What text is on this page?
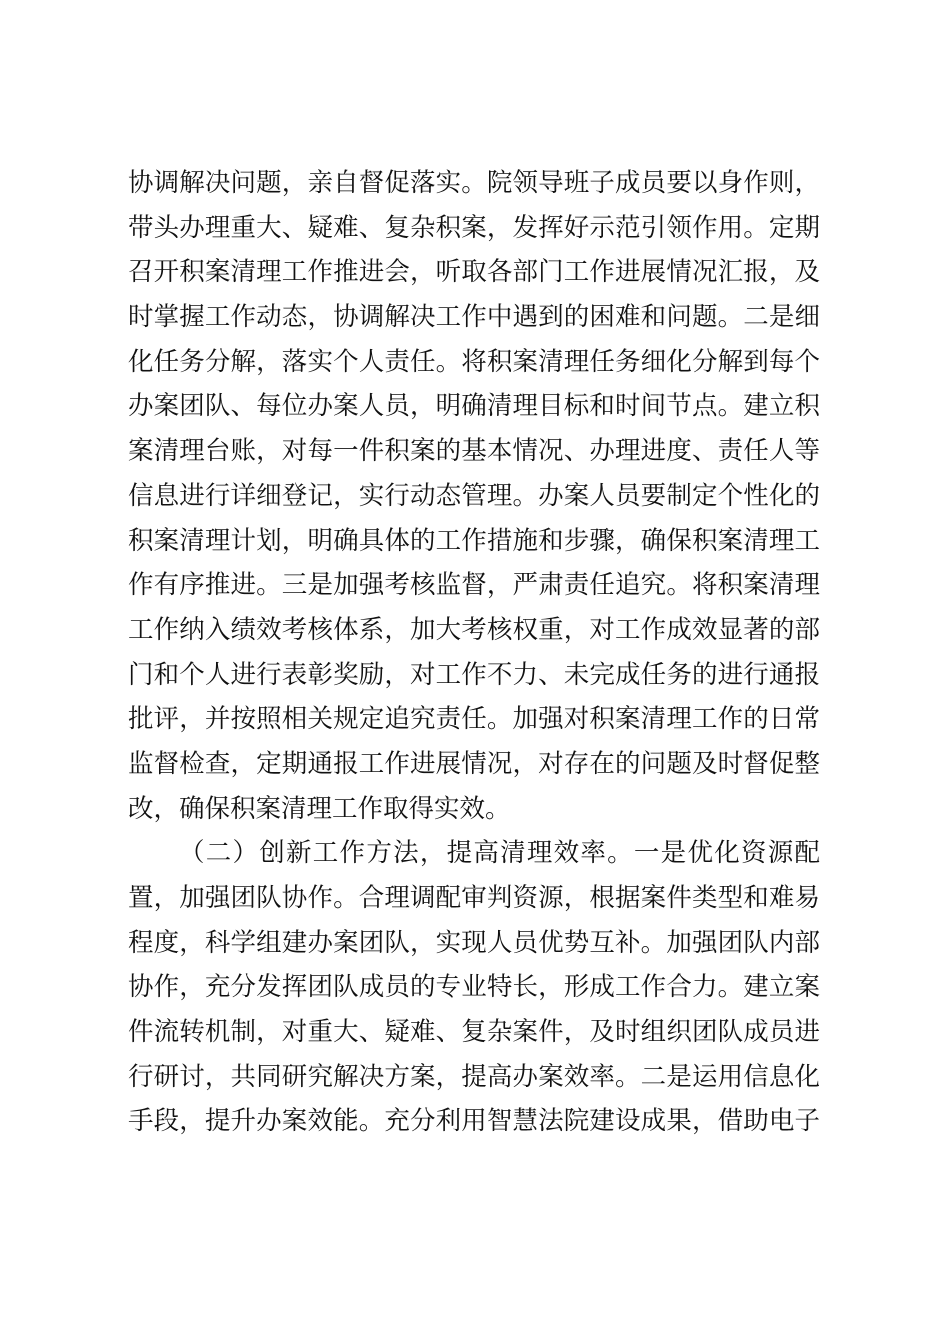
协调解决问题，亲自督促落实。院领导班子成员要以身作则，
带头办理重大、疑难、复杂积案，发挥好示范引领作用。定期
召开积案清理工作推进会，听取各部门工作进展情况汇报，及
时掌握工作动态，协调解决工作中遇到的困难和问题。二是细
化任务分解，落实个人责任。将积案清理任务细化分解到每个
办案团队、每位办案人员，明确清理目标和时间节点。建立积
案清理台账，对每一件积案的基本情况、办理进度、责任人等
信息进行详细登记，实行动态管理。办案人员要制定个性化的
积案清理计划，明确具体的工作措施和步骤，确保积案清理工
作有序推进。三是加强考核监督，严肃责任追究。将积案清理
工作纳入绩效考核体系，加大考核权重，对工作成效显著的部
门和个人进行表彰奖励，对工作不力、未完成任务的进行通报
批评，并按照相关规定追究责任。加强对积案清理工作的日常
监督检查，定期通报工作进展情况，对存在的问题及时督促整
改，确保积案清理工作取得实效。
（二）创新工作方法，提高清理效率。一是优化资源配
置，加强团队协作。合理调配审判资源，根据案件类型和难易
程度，科学组建办案团队，实现人员优势互补。加强团队内部
协作，充分发挥团队成员的专业特长，形成工作合力。建立案
件流转机制，对重大、疑难、复杂案件，及时组织团队成员进
行研讨，共同研究解决方案，提高办案效率。二是运用信息化
手段，提升办案效能。充分利用智慧法院建设成果，借助电子
